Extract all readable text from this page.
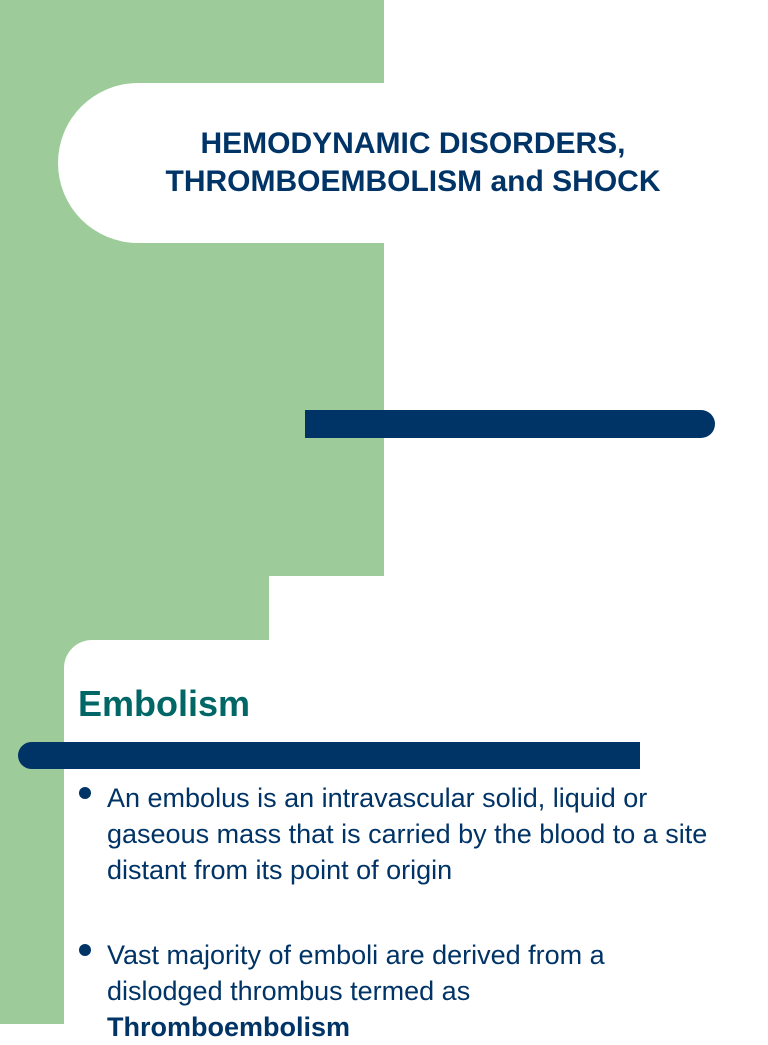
HEMODYNAMIC DISORDERS,
THROMBOEMBOLISM and SHOCK
Embolism
An embolus is an intravascular solid, liquid or gaseous mass that is carried by the blood to a site distant from its point of origin
Vast majority of emboli are derived from a dislodged thrombus termed as
Thromboembolism
